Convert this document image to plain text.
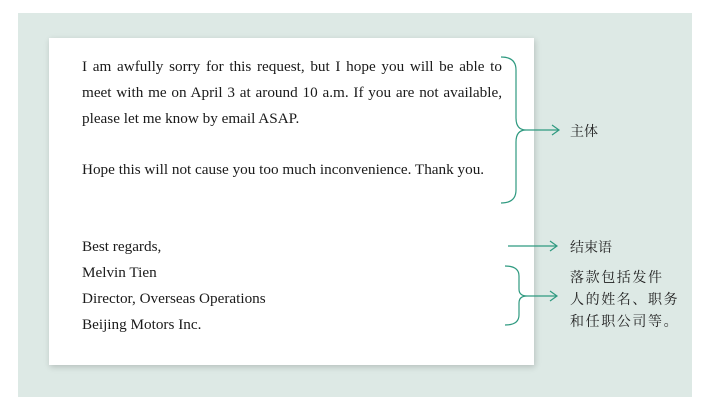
I am awfully sorry for this request, but I hope you will be able to meet with me on April 3 at around 10 a.m. If you are not available, please let me know by email ASAP.

Hope this will not cause you too much inconvenience. Thank you.

Best regards,
Melvin Tien
Director, Overseas Operations
Beijing Motors Inc.
主体
结束语
落款包括发件
人的姓名、职务
和任职公司等。
